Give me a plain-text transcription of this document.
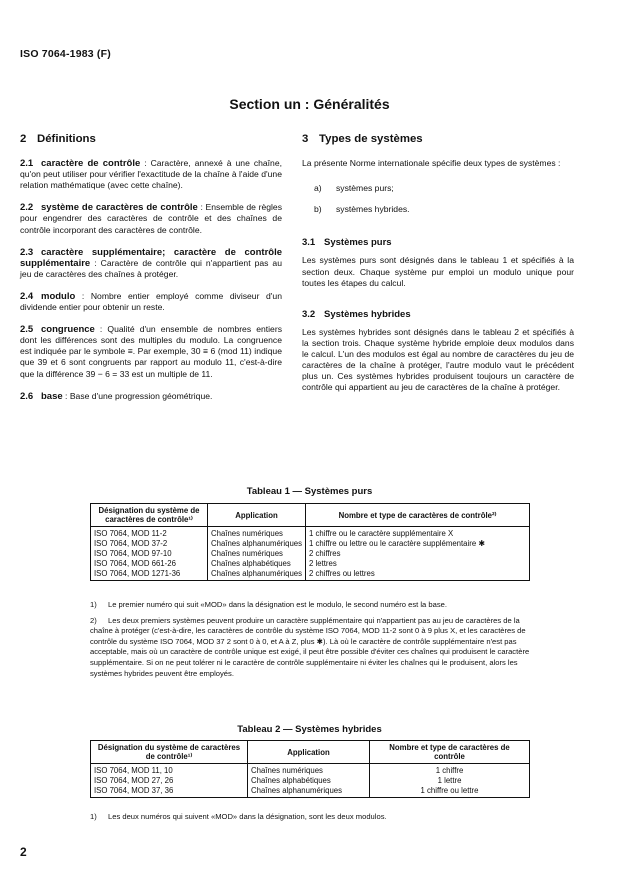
ISO 7064-1983 (F)
Section un : Généralités
2 Définitions
2.1 caractère de contrôle : Caractère, annexé à une chaîne, qu'on peut utiliser pour vérifier l'exactitude de la chaîne à l'aide d'une relation mathématique (avec cette chaîne).
2.2 système de caractères de contrôle : Ensemble de règles pour engendrer des caractères de contrôle et des chaînes de contrôle incorporant des caractères de contrôle.
2.3 caractère supplémentaire; caractère de contrôle supplémentaire : Caractère de contrôle qui n'appartient pas au jeu de caractères des chaînes à protéger.
2.4 modulo : Nombre entier employé comme diviseur d'un dividende entier pour obtenir un reste.
2.5 congruence : Qualité d'un ensemble de nombres entiers dont les différences sont des multiples du modulo. La congruence est indiquée par le symbole ≡. Par exemple, 30 ≡ 6 (mod 11) indique que 39 et 6 sont congruents par rapport au modulo 11, c'est-à-dire que la différence 39 − 6 = 33 est un multiple de 11.
2.6 base : Base d'une progression géométrique.
3 Types de systèmes
La présente Norme internationale spécifie deux types de systèmes :
a) systèmes purs;
b) systèmes hybrides.
3.1 Systèmes purs
Les systèmes purs sont désignés dans le tableau 1 et spécifiés à la section deux. Chaque système pur emploi un modulo unique pour toutes les étapes du calcul.
3.2 Systèmes hybrides
Les systèmes hybrides sont désignés dans le tableau 2 et spécifiés à la section trois. Chaque système hybride emploie deux modulos dans le calcul. L'un des modulos est égal au nombre de caractères du jeu de caractères de la chaîne à protéger, l'autre modulo vaut le précédent plus un. Ces systèmes hybrides produisent toujours un caractère de contrôle qui appartient au jeu de caractères de la chaîne à protéger.
Tableau 1 — Systèmes purs
Désignation du système de caractères de contrôle¹⁾	Application	Nombre et type de caractères de contrôle²⁾
ISO 7064, MOD 11-2	Chaînes numériques	1 chiffre ou le caractère supplémentaire X
ISO 7064, MOD 37-2	Chaînes alphanumériques	1 chiffre ou lettre ou le caractère supplémentaire ✱
ISO 7064, MOD 97-10	Chaînes numériques	2 chiffres
ISO 7064, MOD 661-26	Chaînes alphabétiques	2 lettres
ISO 7064, MOD 1271-36	Chaînes alphanumériques	2 chiffres ou lettres
1) Le premier numéro qui suit «MOD» dans la désignation est le modulo, le second numéro est la base.
2) Les deux premiers systèmes peuvent produire un caractère supplémentaire qui n'appartient pas au jeu de caractères de la chaîne à protéger (c'est-à-dire, les caractères de contrôle du système ISO 7064, MOD 11-2 sont 0 à 9 plus X, et les caractères de contrôle du système ISO 7064, MOD 37 2 sont 0 à 0, et A à Z, plus ✱). Là où le caractère de contrôle supplémentaire n'est pas acceptable, mais où un caractère de contrôle unique est exigé, il peut être possible d'éviter ces chaînes qui produisent le caractère supplémentaire. Si on ne peut tolérer ni le caractère de contrôle supplémentaire ni éviter les chaînes qui le produisent, alors les systèmes hybrides peuvent être employés.
Tableau 2 — Systèmes hybrides
Désignation du système de caractères de contrôle¹⁾	Application	Nombre et type de caractères de contrôle
ISO 7064, MOD 11, 10	Chaînes numériques	1 chiffre
ISO 7064, MOD 27, 26	Chaînes alphabétiques	1 lettre
ISO 7064, MOD 37, 36	Chaînes alphanumériques	1 chiffre ou lettre
1) Les deux numéros qui suivent «MOD» dans la désignation, sont les deux modulos.
2
